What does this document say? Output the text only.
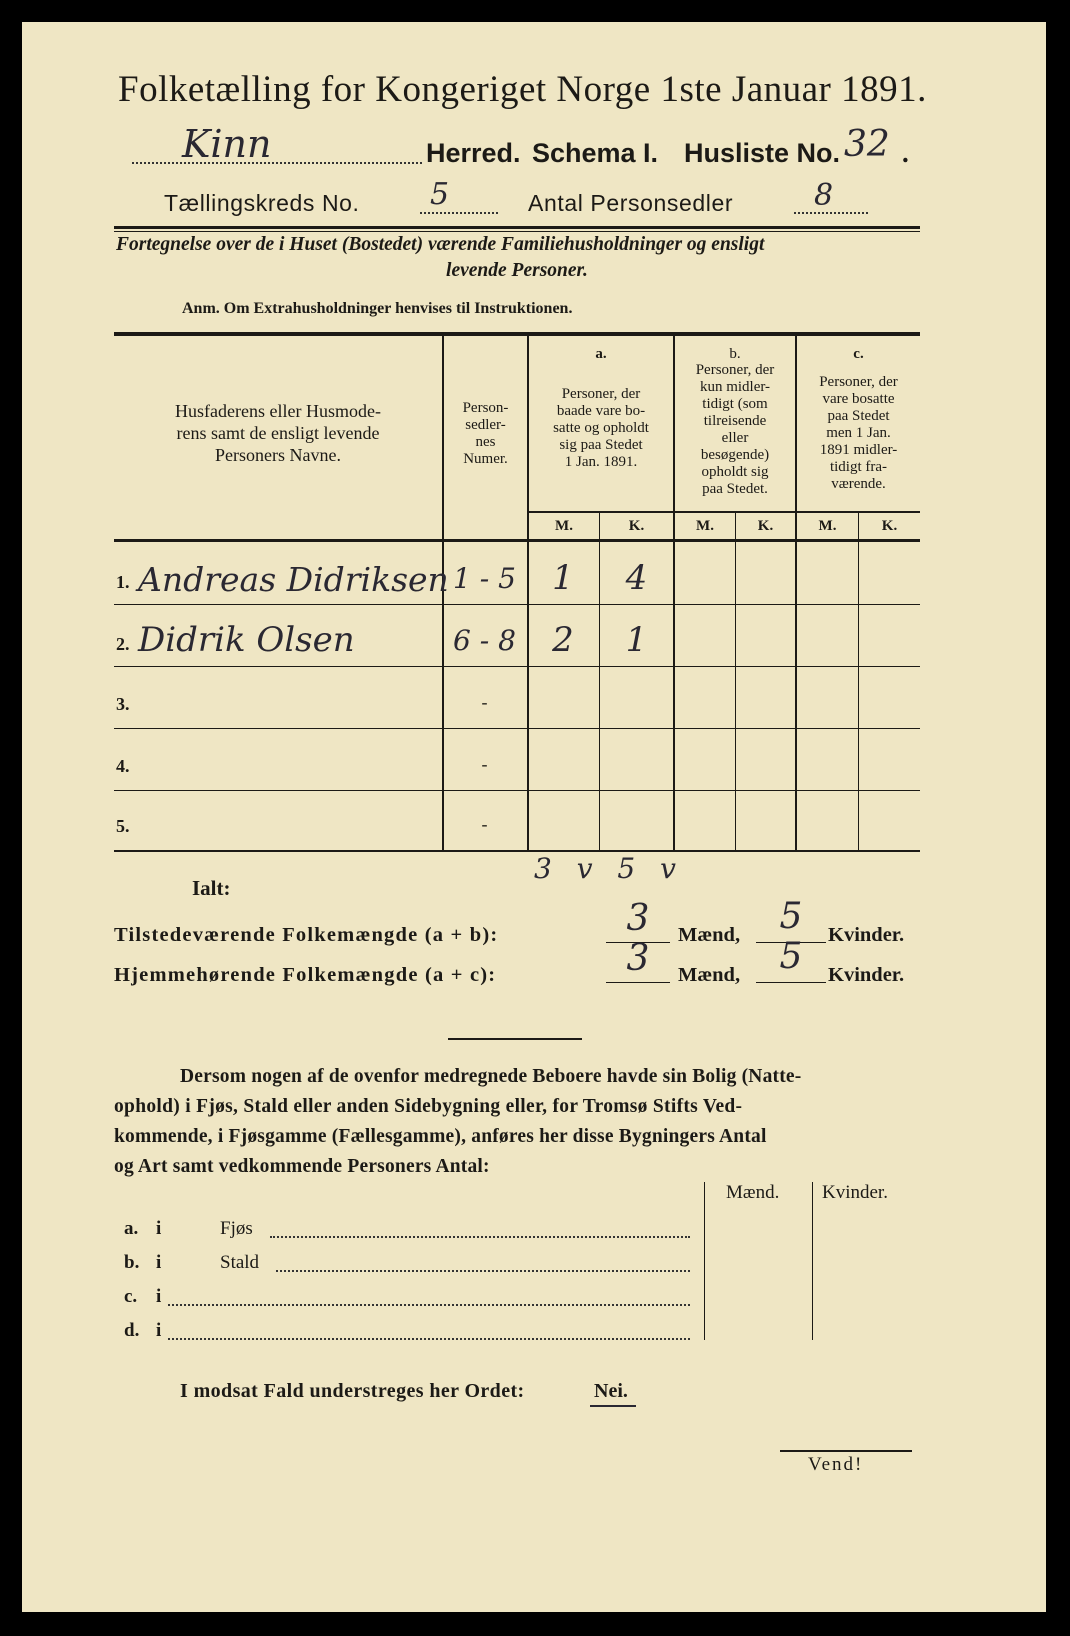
Folketælling for Kongeriget Norge 1ste Januar 1891.
Kinn	Herred. Schema I. Husliste No. 32 .
Tællingskreds No. 5	Antal Personsedler	8
Fortegnelse over de i Huset (Bostedet) værende Familiehusholdninger og ensligt
levende Personer.
Anm. Om Extrahusholdninger henvises til Instruktionen.
Husfaderens eller Husmode-
rens samt de ensligt levende
Personers Navne.
Person-
sedler-
nes
Numer.
a.
Personer, der
baade vare bo-
satte og opholdt
sig paa Stedet
1 Jan. 1891.
b.
Personer, der
kun midler-
tidigt (som
tilreisende
eller
besøgende)
opholdt sig
paa Stedet.
c.
Personer, der
vare bosatte
paa Stedet
men 1 Jan.
1891 midler-
tidigt fra-
værende.
M.	K.	M.	K.	M.	K.
1. Andreas Didriksen 1 - 5	1	4
2. Didrik Olsen	6 - 8	2	1
3.	-
4.	-
5.	-
Ialt:
3 v 5 v
Tilstedeværende Folkemængde (a + b):	3	Mænd,	5	Kvinder.
Hjemmehørende Folkemængde (a + c):	3	Mænd,	5	Kvinder.
Dersom nogen af de ovenfor medregnede Beboere havde sin Bolig (Natte-
ophold) i Fjøs, Stald eller anden Sidebygning eller, for Tromsø Stifts Ved-
kommende, i Fjøsgamme (Fællesgamme), anføres her disse Bygningers Antal
og Art samt vedkommende Personers Antal:
Mænd. Kvinder.
a. i	Fjøs
b. i	Stald
c. i
d. i
I modsat Fald understreges her Ordet:	Nei.
Vend!
